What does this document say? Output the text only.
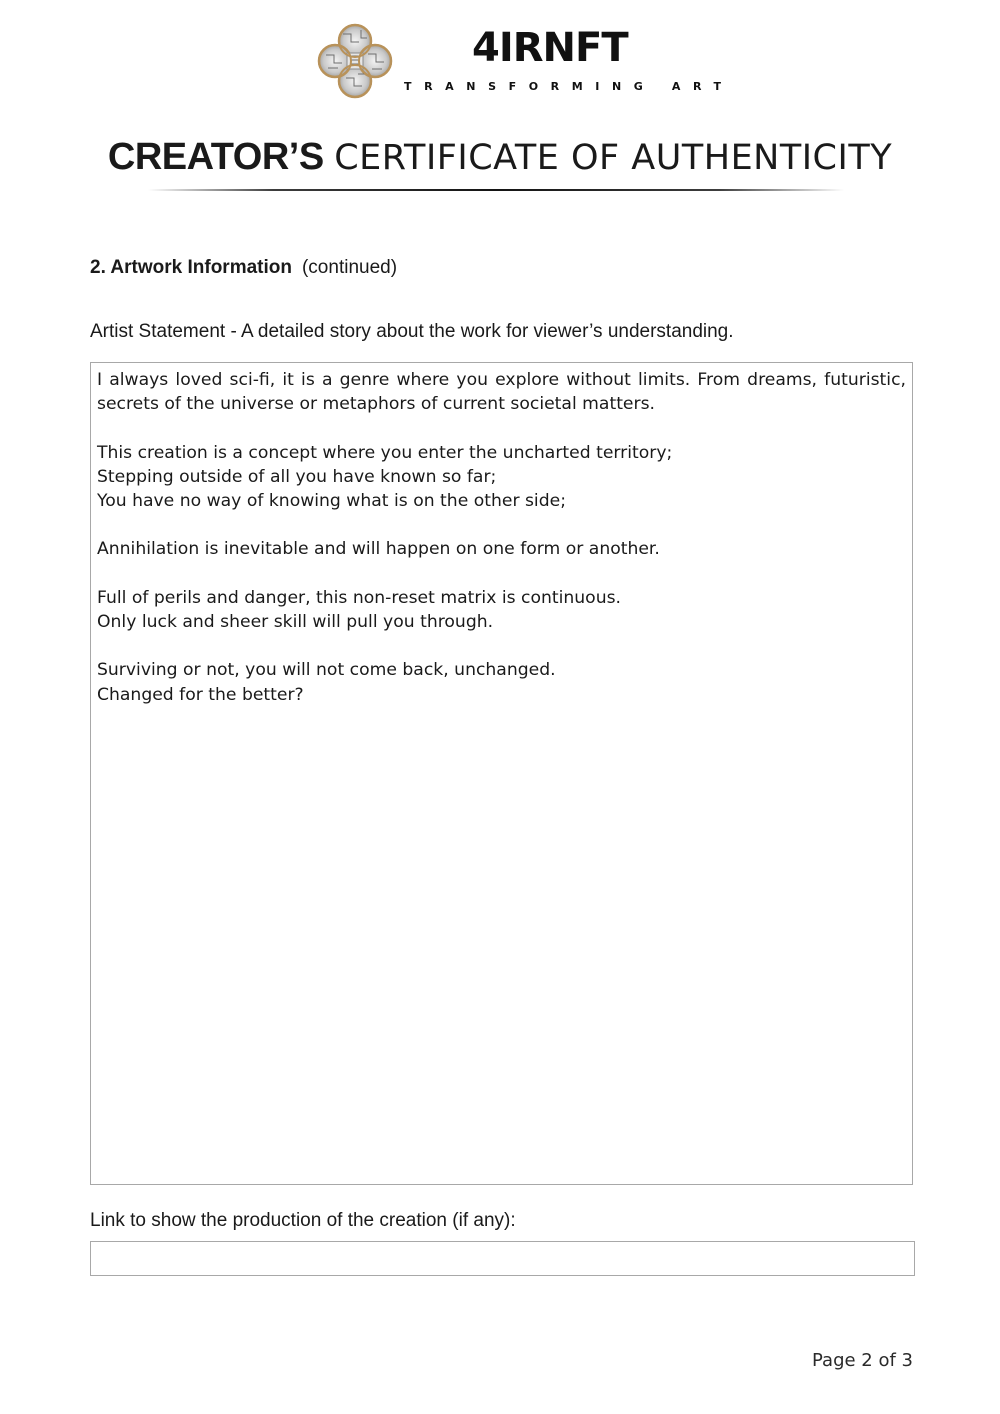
4IRNFT
TRANSFORMING ART
CREATOR’S CERTIFICATE OF AUTHENTICITY
2. Artwork Information (continued)
Artist Statement - A detailed story about the work for viewer’s understanding.

I always loved sci-fi, it is a genre where you explore without limits. From dreams, futuristic, secrets of the universe or metaphors of current societal matters.

This creation is a concept where you enter the uncharted territory;
Stepping outside of all you have known so far;
You have no way of knowing what is on the other side;

Annihilation is inevitable and will happen on one form or another.

Full of perils and danger, this non-reset matrix is continuous.
Only luck and sheer skill will pull you through.

Surviving or not, you will not come back, unchanged.
Changed for the better?

Link to show the production of the creation (if any):
Page 2 of 3
